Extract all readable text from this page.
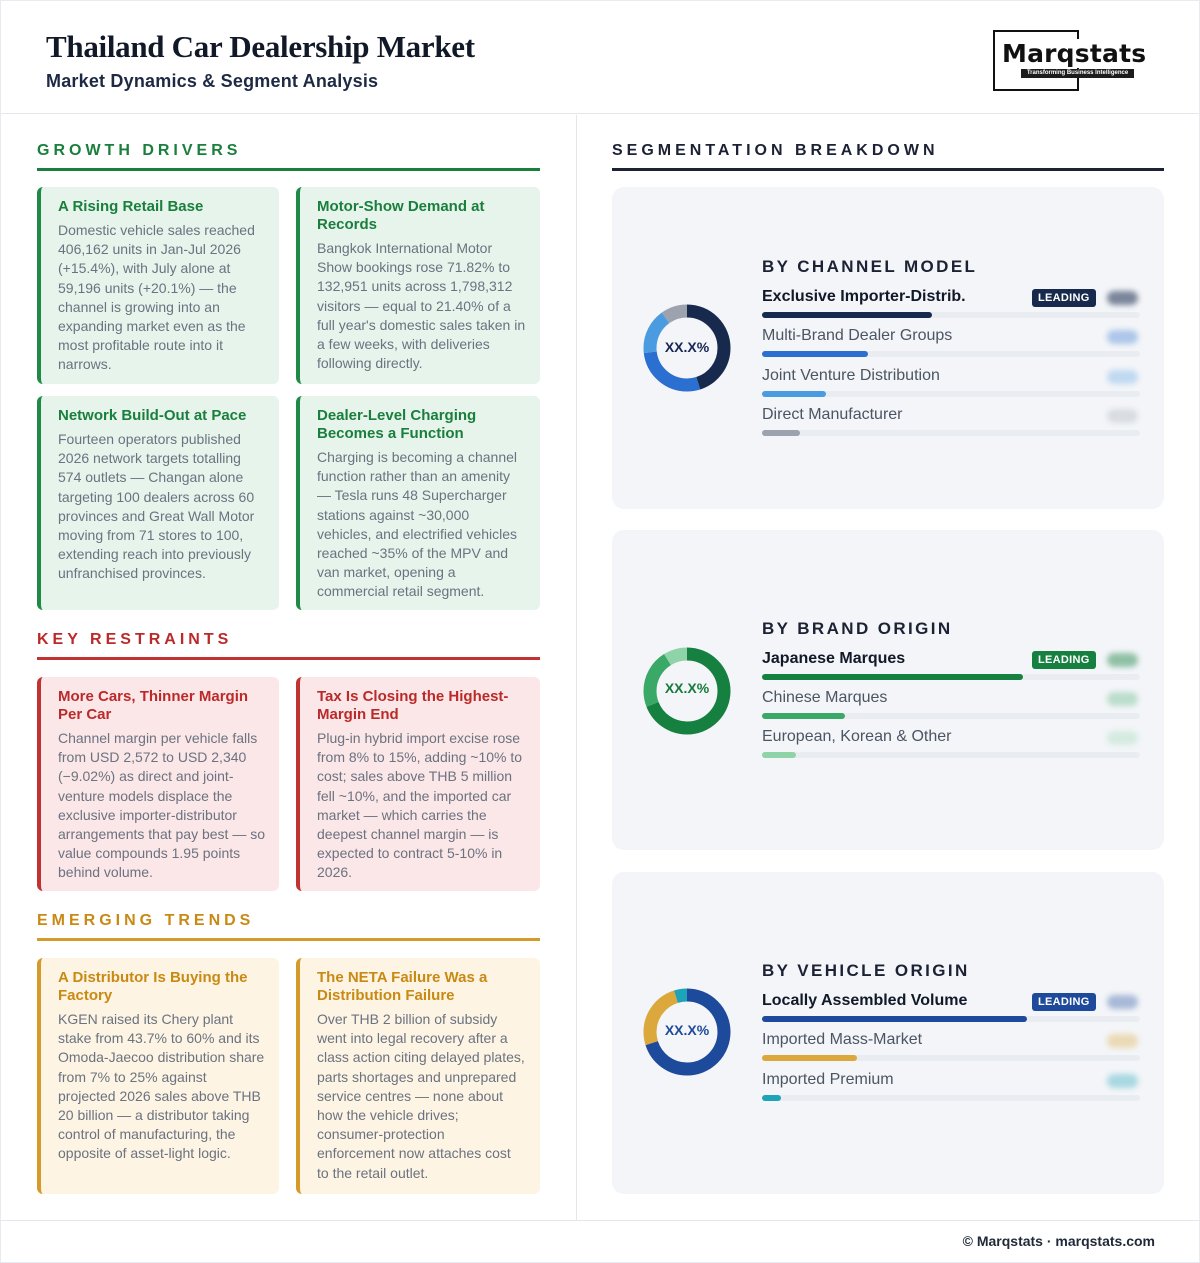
Thailand Car Dealership Market
Market Dynamics & Segment Analysis
Marqstats
Transforming Business Intelligence
GROWTH DRIVERS
A Rising Retail Base

Domestic vehicle sales reached 406,162 units in Jan-Jul 2026 (+15.4%), with July alone at 59,196 units (+20.1%) — the channel is growing into an expanding market even as the most profitable route into it narrows.

Motor-Show Demand at Records

Bangkok International Motor Show bookings rose 71.82% to 132,951 units across 1,798,312 visitors — equal to 21.40% of a full year's domestic sales taken in a few weeks, with deliveries following directly.

Network Build-Out at Pace

Fourteen operators published 2026 network targets totalling 574 outlets — Changan alone targeting 100 dealers across 60 provinces and Great Wall Motor moving from 71 stores to 100, extending reach into previously unfranchised provinces.

Dealer-Level Charging Becomes a Function

Charging is becoming a channel function rather than an amenity — Tesla runs 48 Supercharger stations against ~30,000 vehicles, and electrified vehicles reached ~35% of the MPV and van market, opening a commercial retail segment.

KEY RESTRAINTS
More Cars, Thinner Margin Per Car

Channel margin per vehicle falls from USD 2,572 to USD 2,340 (−9.02%) as direct and joint-venture models displace the exclusive importer-distributor arrangements that pay best — so value compounds 1.95 points behind volume.

Tax Is Closing the Highest-Margin End

Plug-in hybrid import excise rose from 8% to 15%, adding ~10% to cost; sales above THB 5 million fell ~10%, and the imported car market — which carries the deepest channel margin — is expected to contract 5-10% in 2026.

EMERGING TRENDS
A Distributor Is Buying the Factory

KGEN raised its Chery plant stake from 43.7% to 60% and its Omoda-Jaecoo distribution share from 7% to 25% against projected 2026 sales above THB 20 billion — a distributor taking control of manufacturing, the opposite of asset-light logic.

The NETA Failure Was a Distribution Failure

Over THB 2 billion of subsidy went into legal recovery after a class action citing delayed plates, parts shortages and unprepared service centres — none about how the vehicle drives; consumer-protection enforcement now attaches cost to the retail outlet.

SEGMENTATION BREAKDOWN
XX.X%
BY CHANNEL MODEL
Exclusive Importer-Distrib.	LEADING
Multi-Brand Dealer Groups
Joint Venture Distribution
Direct Manufacturer
XX.X%
BY BRAND ORIGIN
Japanese Marques	LEADING
Chinese Marques
European, Korean & Other
XX.X%
BY VEHICLE ORIGIN
Locally Assembled Volume	LEADING
Imported Mass-Market
Imported Premium
© Marqstats · marqstats.com
